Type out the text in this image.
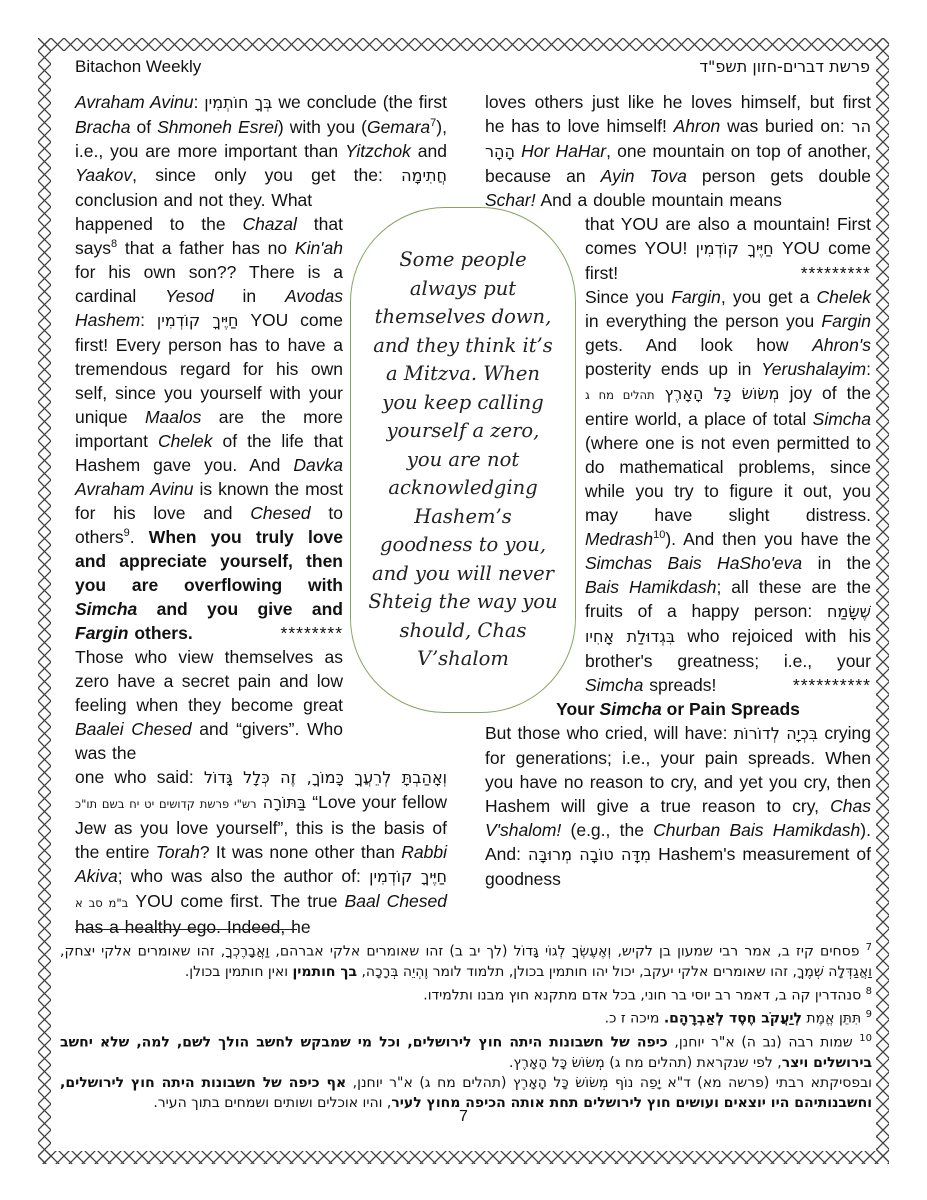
Bitachon Weekly	פרשת דברים-חזון תשפ"ד

Avraham Avinu: בְּךָ חוֹתְמִין we conclude (the first Bracha of Shmoneh Esrei) with you (Gemara$^7$), i.e., you are more important than Yitzchok and Yaakov, since only you get the: חֲתִימָה conclusion and not they. What

happened to the Chazal that says$^8$ that a father has no Kin'ah for his own son?? There is a cardinal Yesod in Avodas Hashem: חַיֶּיךָ קוֹדְמִין YOU come first! Every person has to have a tremendous regard for his own self, since you yourself with your unique Maalos are the more important Chelek of the life that Hashem gave you. And Davka Avraham Avinu is known the most for his love and Chesed to others$^9$. When you truly love and appreciate yourself, then you are overflowing with Simcha and you give and Fargin others.	********

Those who view themselves as zero have a secret pain and low feeling when they become great Baalei Chesed and “givers”. Who was the

one who said: וְאָהַבְתָּ לְרֵעֲךָ כָּמוֹךָ, זֶה כְּלָל גָּדוֹל בַּתּוֹרָה רש"י פרשת קדושים יט יח בשם תו"כ	“Love your fellow Jew as you love yourself”, this is the basis of the entire Torah? It was none other than Rabbi Akiva; who was also the author of: חַיֶּיךָ קוֹדְמִין ב"מ סב א YOU come first. The true Baal Chesed has a healthy ego. Indeed, he

loves others just like he loves himself, but first he has to love himself! Ahron was buried on: הר הָהָר Hor HaHar, one mountain on top of another, because an Ayin Tova person gets double Schar! And a double mountain means

that YOU are also a mountain! First comes YOU! חַיֶּיךָ קוֹדְמִין YOU come first!	*********

Since you Fargin, you get a Chelek in everything the person you Fargin gets. And look how Ahron's posterity ends up in Yerushalayim: מְשׂוֹשׂ כָּל הָאָרֶץ תהלים מח ג	joy of the entire world, a place of total Simcha (where one is not even permitted to do mathematical problems, since while you try to figure it out, you may have slight distress. Medrash$^{10}$). And then you have the Simchas Bais HaSho'eva in the Bais Hamikdash; all these are the fruits of a happy person: שֶׁשָּׂמַח בִּגְדוּלַת אָחִיו who rejoiced with his brother's greatness; i.e., your Simcha spreads!	**********

Your Simcha or Pain Spreads

But those who cried, will have: בִּכְיָה לְדוֹרוֹת crying for generations; i.e., your pain spreads. When you have no reason to cry, and yet you cry, then Hashem will give a true reason to cry, Chas V'shalom! (e.g., the Churban Bais Hamikdash). And: מִדָּה טוֹבָה מְרוּבָּה Hashem's measurement of goodness

Some people always put themselves down, and they think it’s a Mitzva. When you keep calling yourself a zero, you are not acknowledging Hashem’s goodness to you, and you will never Shteig the way you should, Chas V’shalom
$^7$ פסחים קיז ב, אמר רבי שמעון בן לקיש, וְאֶעֶשְׂךָ לְגוֹי גָּדוֹל (לך יב ב) זהו שאומרים אלקי אברהם, וַאֲבָרֶכְךָ, זהו שאומרים אלקי יצחק, וַאֲגַדְּלָה שְׁמֶךָ, זהו שאומרים אלקי יעקב, יכול יהו חותמין בכולן, תלמוד לומר וֶהְיֵה בְּרָכָה, בך חותמין ואין חותמין בכולן.
$^8$ סנהדרין קה ב, דאמר רב יוסי בר חוני, בכל אדם מתקנא חוץ מבנו ותלמידו.
$^9$ תִּתֵּן אֱמֶת לְיַעֲקֹב חֶסֶד לְאַבְרָהָם. מיכה ז כ.
$^{10}$ שמות רבה (נב ה) א"ר יוחנן, כיפה של חשבונות היתה חוץ לירושלים, וכל מי שמבקש לחשב הולך לשם, למה, שלא יחשב בירושלים ויצר, לפי שנקראת (תהלים מח ג) מְשׂוֹשׂ כָּל הָאָרֶץ.
ובפסיקתא רבתי (פרשה מא) ד"א יָפֵה נוֹף מְשׂוֹשׂ כָּל הָאָרֶץ (תהלים מח ג) א"ר יוחנן, אף כיפה של חשבונות היתה חוץ לירושלים, וחשבנותיהם היו יוצאים ועושים חוץ לירושלים תחת אותה הכיפה מחוץ לעיר, והיו אוכלים ושותים ושמחים בתוך העיר.
7
